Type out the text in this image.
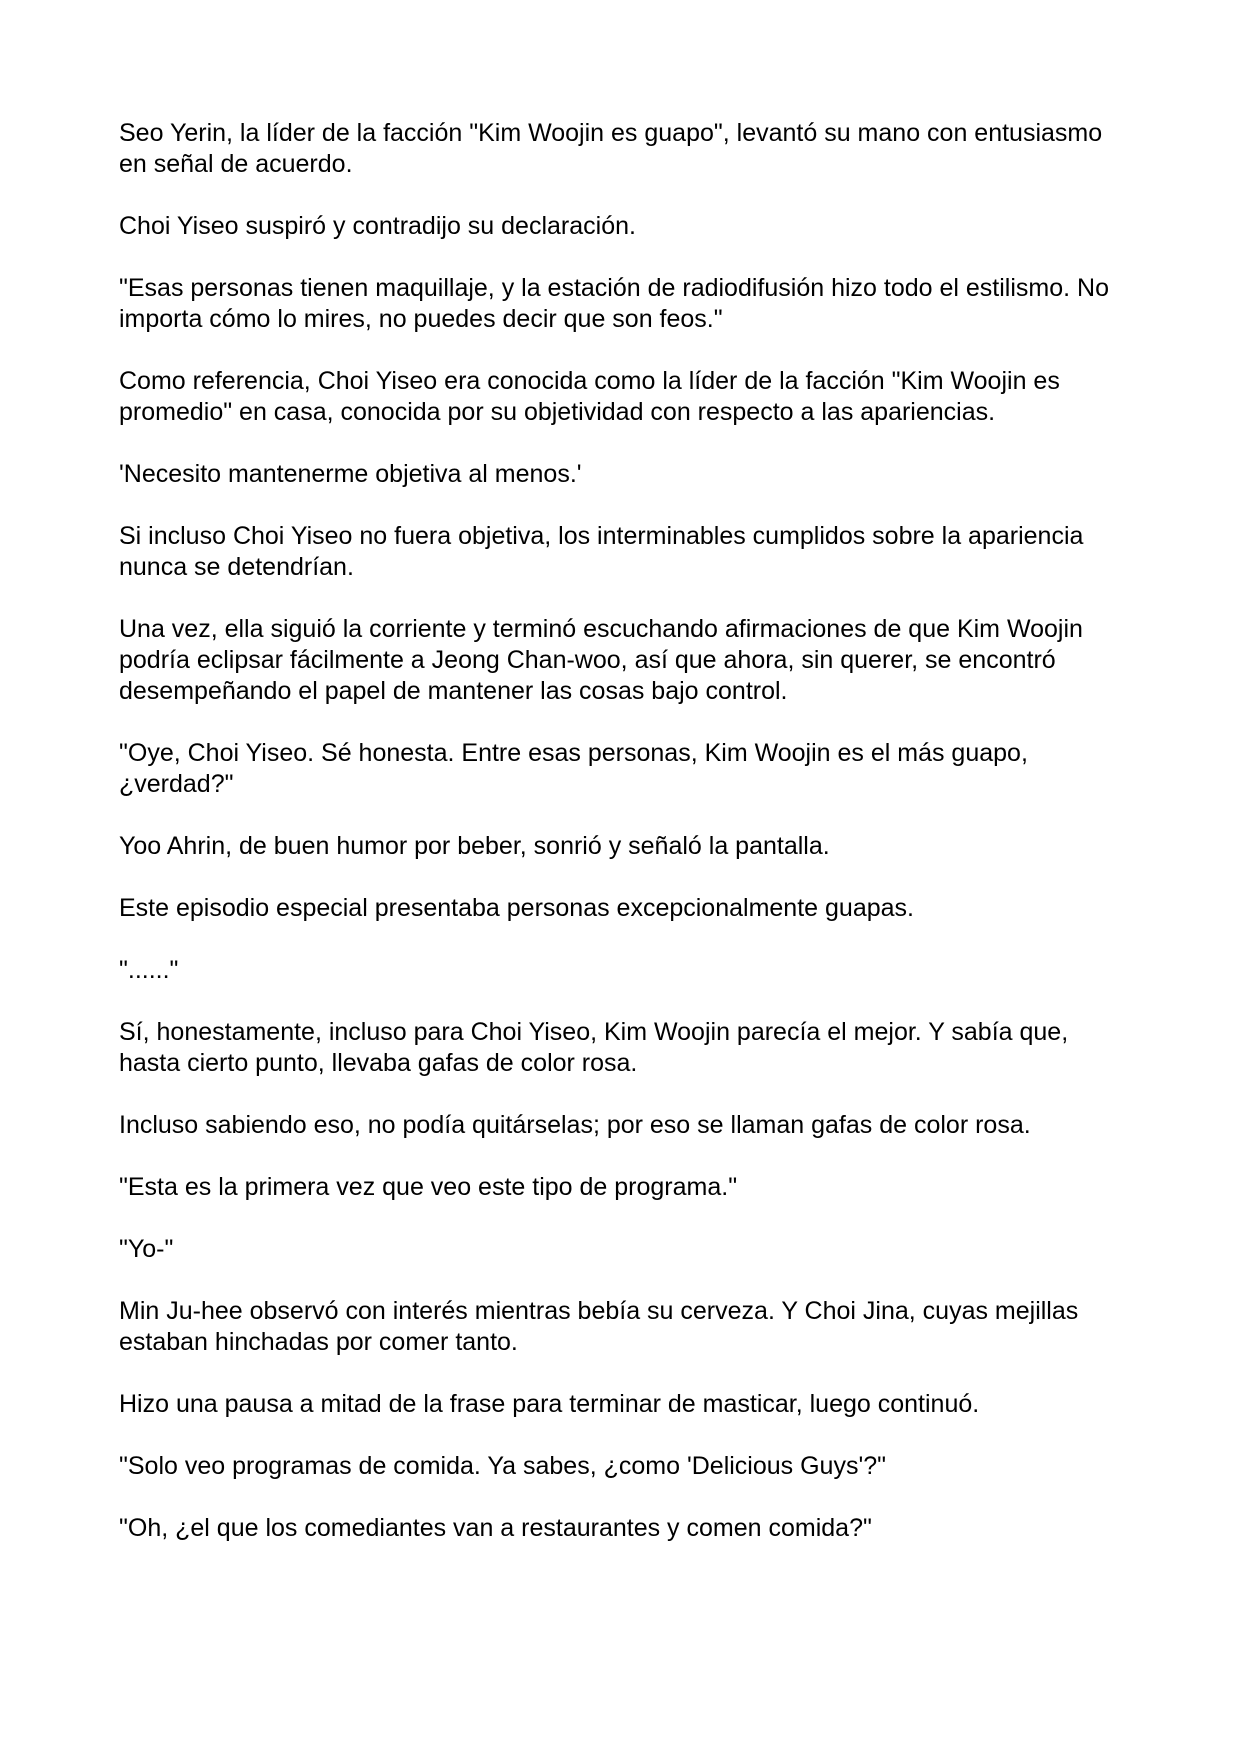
Seo Yerin, la líder de la facción "Kim Woojin es guapo", levantó su mano con entusiasmo en señal de acuerdo.

Choi Yiseo suspiró y contradijo su declaración.

"Esas personas tienen maquillaje, y la estación de radiodifusión hizo todo el estilismo. No importa cómo lo mires, no puedes decir que son feos."

Como referencia, Choi Yiseo era conocida como la líder de la facción "Kim Woojin es promedio" en casa, conocida por su objetividad con respecto a las apariencias.

'Necesito mantenerme objetiva al menos.'

Si incluso Choi Yiseo no fuera objetiva, los interminables cumplidos sobre la apariencia nunca se detendrían.

Una vez, ella siguió la corriente y terminó escuchando afirmaciones de que Kim Woojin podría eclipsar fácilmente a Jeong Chan-woo, así que ahora, sin querer, se encontró desempeñando el papel de mantener las cosas bajo control.

"Oye, Choi Yiseo. Sé honesta. Entre esas personas, Kim Woojin es el más guapo, ¿verdad?"

Yoo Ahrin, de buen humor por beber, sonrió y señaló la pantalla.

Este episodio especial presentaba personas excepcionalmente guapas.

"......"

Sí, honestamente, incluso para Choi Yiseo, Kim Woojin parecía el mejor. Y sabía que, hasta cierto punto, llevaba gafas de color rosa.

Incluso sabiendo eso, no podía quitárselas; por eso se llaman gafas de color rosa.

"Esta es la primera vez que veo este tipo de programa."

"Yo-"

Min Ju-hee observó con interés mientras bebía su cerveza. Y Choi Jina, cuyas mejillas estaban hinchadas por comer tanto.

Hizo una pausa a mitad de la frase para terminar de masticar, luego continuó.

"Solo veo programas de comida. Ya sabes, ¿como 'Delicious Guys'?"

"Oh, ¿el que los comediantes van a restaurantes y comen comida?"
